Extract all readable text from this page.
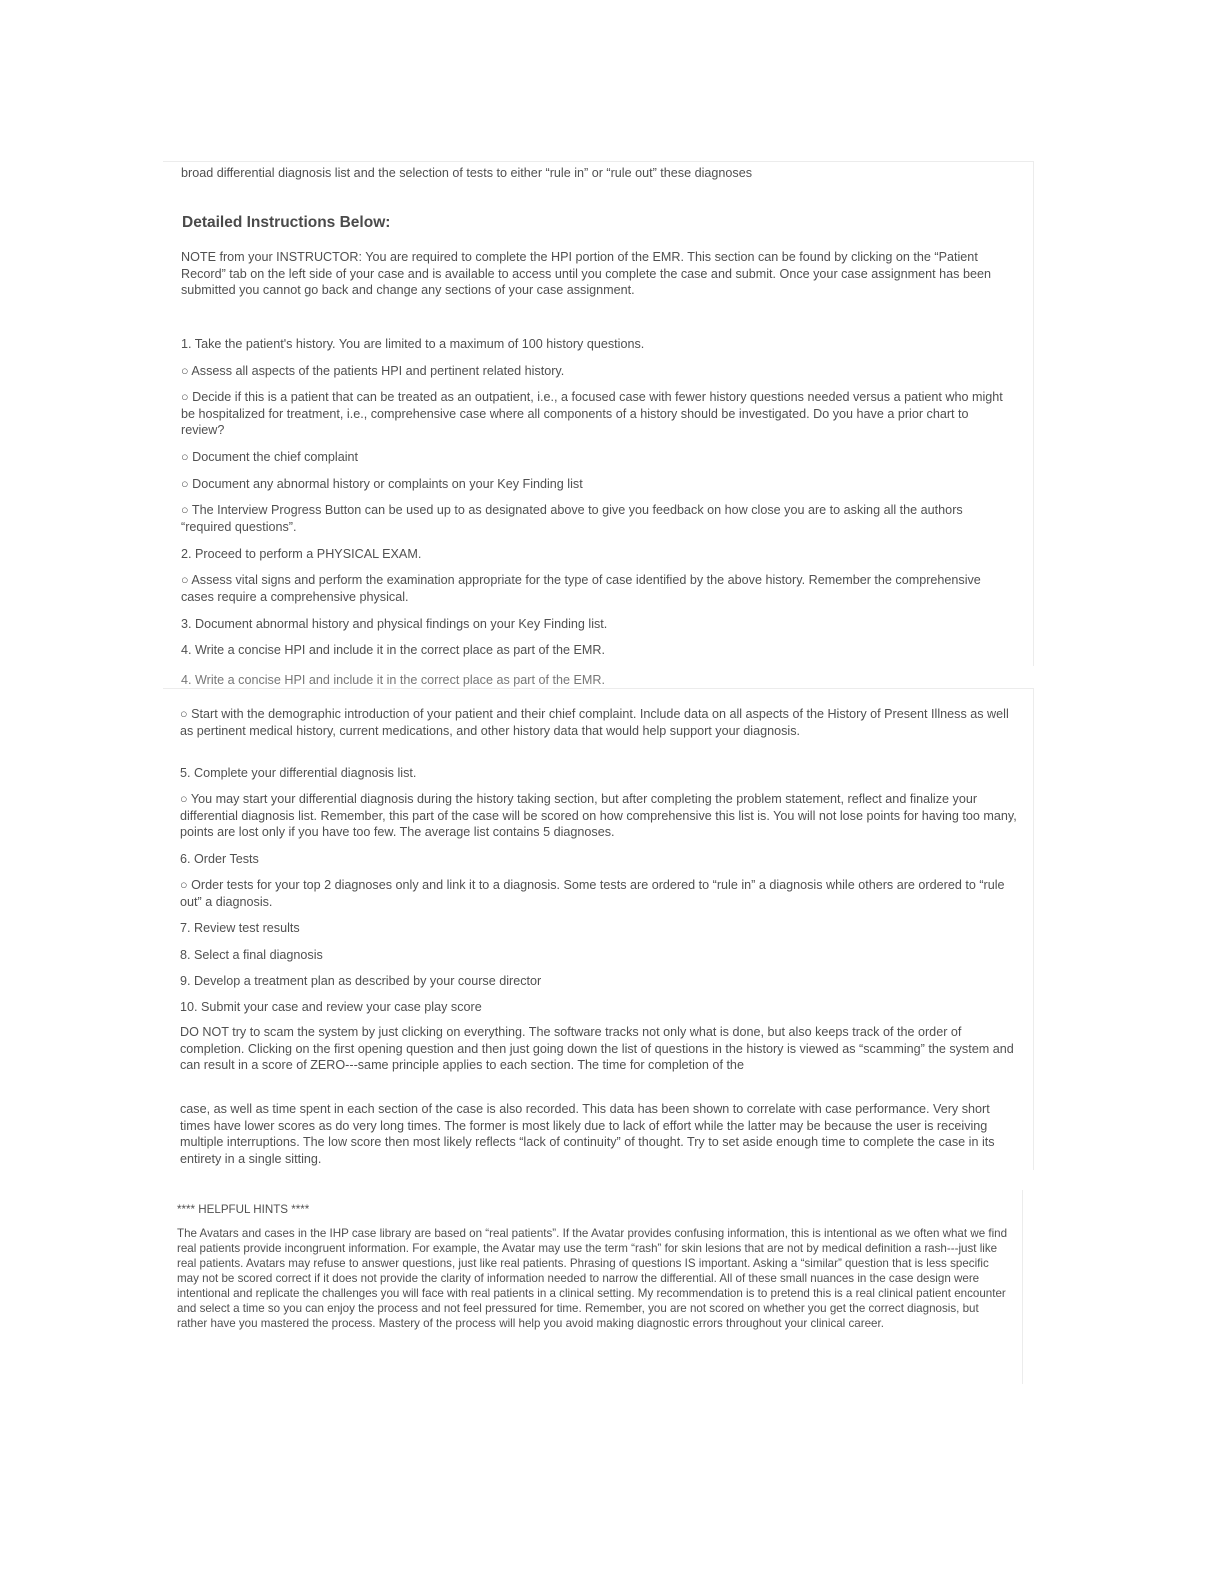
broad differential diagnosis list and the selection of tests to either “rule in” or “rule out” these diagnoses

Detailed Instructions Below:

NOTE from your INSTRUCTOR: You are required to complete the HPI portion of the EMR. This section can be found by clicking on the “Patient Record” tab on the left side of your case and is available to access until you complete the case and submit. Once your case assignment has been submitted you cannot go back and change any sections of your case assignment.

1. Take the patient's history. You are limited to a maximum of 100 history questions.

○ Assess all aspects of the patients HPI and pertinent related history.

○ Decide if this is a patient that can be treated as an outpatient, i.e., a focused case with fewer history questions needed versus a patient who might be hospitalized for treatment, i.e., comprehensive case where all components of a history should be investigated. Do you have a prior chart to review?

○ Document the chief complaint

○ Document any abnormal history or complaints on your Key Finding list

○ The Interview Progress Button can be used up to as designated above to give you feedback on how close you are to asking all the authors “required questions”.

2. Proceed to perform a PHYSICAL EXAM.

○ Assess vital signs and perform the examination appropriate for the type of case identified by the above history. Remember the comprehensive cases require a comprehensive physical.

3. Document abnormal history and physical findings on your Key Finding list.

4. Write a concise HPI and include it in the correct place as part of the EMR.

4. Write a concise HPI and include it in the correct place as part of the EMR.

○ Start with the demographic introduction of your patient and their chief complaint. Include data on all aspects of the History of Present Illness as well as pertinent medical history, current medications, and other history data that would help support your diagnosis.

5. Complete your differential diagnosis list.

○ You may start your differential diagnosis during the history taking section, but after completing the problem statement, reflect and finalize your differential diagnosis list. Remember, this part of the case will be scored on how comprehensive this list is. You will not lose points for having too many, points are lost only if you have too few. The average list contains 5 diagnoses.

6. Order Tests

○ Order tests for your top 2 diagnoses only and link it to a diagnosis. Some tests are ordered to “rule in” a diagnosis while others are ordered to “rule out” a diagnosis.

7. Review test results

8. Select a final diagnosis

9. Develop a treatment plan as described by your course director

10. Submit your case and review your case play score

DO NOT try to scam the system by just clicking on everything. The software tracks not only what is done, but also keeps track of the order of completion. Clicking on the first opening question and then just going down the list of questions in the history is viewed as “scamming” the system and can result in a score of ZERO---same principle applies to each section. The time for completion of the

case, as well as time spent in each section of the case is also recorded. This data has been shown to correlate with case performance. Very short times have lower scores as do very long times. The former is most likely due to lack of effort while the latter may be because the user is receiving multiple interruptions. The low score then most likely reflects “lack of continuity” of thought. Try to set aside enough time to complete the case in its entirety in a single sitting.

**** HELPFUL HINTS ****

The Avatars and cases in the IHP case library are based on “real patients”. If the Avatar provides confusing information, this is intentional as we often what we find real patients provide incongruent information. For example, the Avatar may use the term “rash” for skin lesions that are not by medical definition a rash---just like real patients. Avatars may refuse to answer questions, just like real patients. Phrasing of questions IS important. Asking a “similar” question that is less specific may not be scored correct if it does not provide the clarity of information needed to narrow the differential. All of these small nuances in the case design were intentional and replicate the challenges you will face with real patients in a clinical setting. My recommendation is to pretend this is a real clinical patient encounter and select a time so you can enjoy the process and not feel pressured for time. Remember, you are not scored on whether you get the correct diagnosis, but rather have you mastered the process. Mastery of the process will help you avoid making diagnostic errors throughout your clinical career.
